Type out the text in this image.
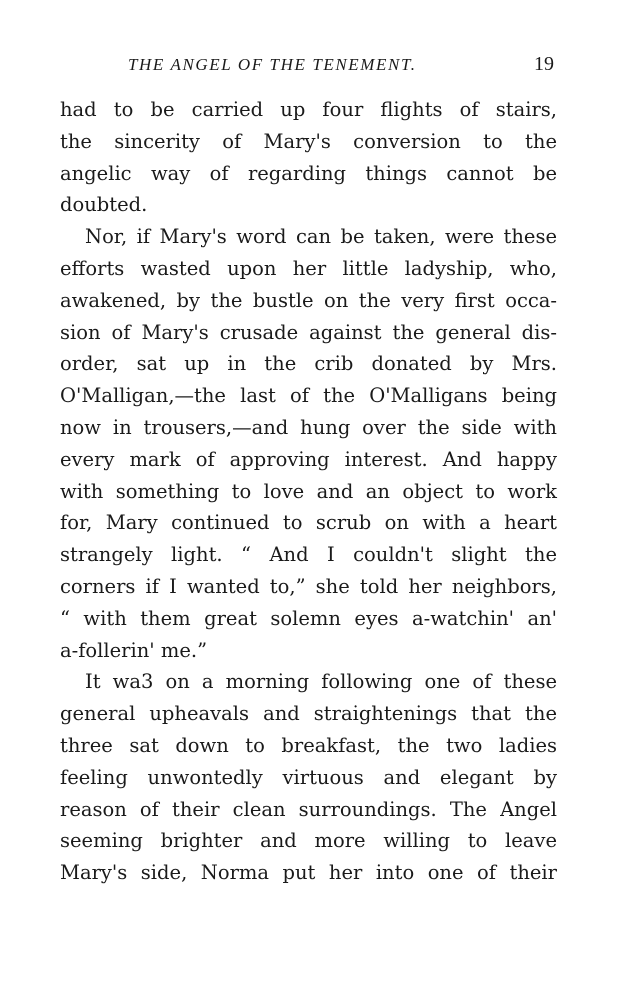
THE ANGEL OF THE TENEMENT.	19
had to be carried up four flights of stairs,
the sincerity of Mary's conversion to the
angelic way of regarding things cannot be
doubted.
Nor, if Mary's word can be taken, were these
efforts wasted upon her little ladyship, who,
awakened, by the bustle on the very first occa-
sion of Mary's crusade against the general dis-
order, sat up in the crib donated by Mrs.
O'Malligan,—the last of the O'Malligans being
now in trousers,—and hung over the side with
every mark of approving interest. And happy
with something to love and an object to work
for, Mary continued to scrub on with a heart
strangely light. “ And I couldn't slight the
corners if I wanted to,” she told her neighbors,
“ with them great solemn eyes a-watchin' an'
a-follerin' me.”
It wa3 on a morning following one of these
general upheavals and straightenings that the
three sat down to breakfast, the two ladies
feeling unwontedly virtuous and elegant by
reason of their clean surroundings. The Angel
seeming brighter and more willing to leave
Mary's side, Norma put her into one of their
